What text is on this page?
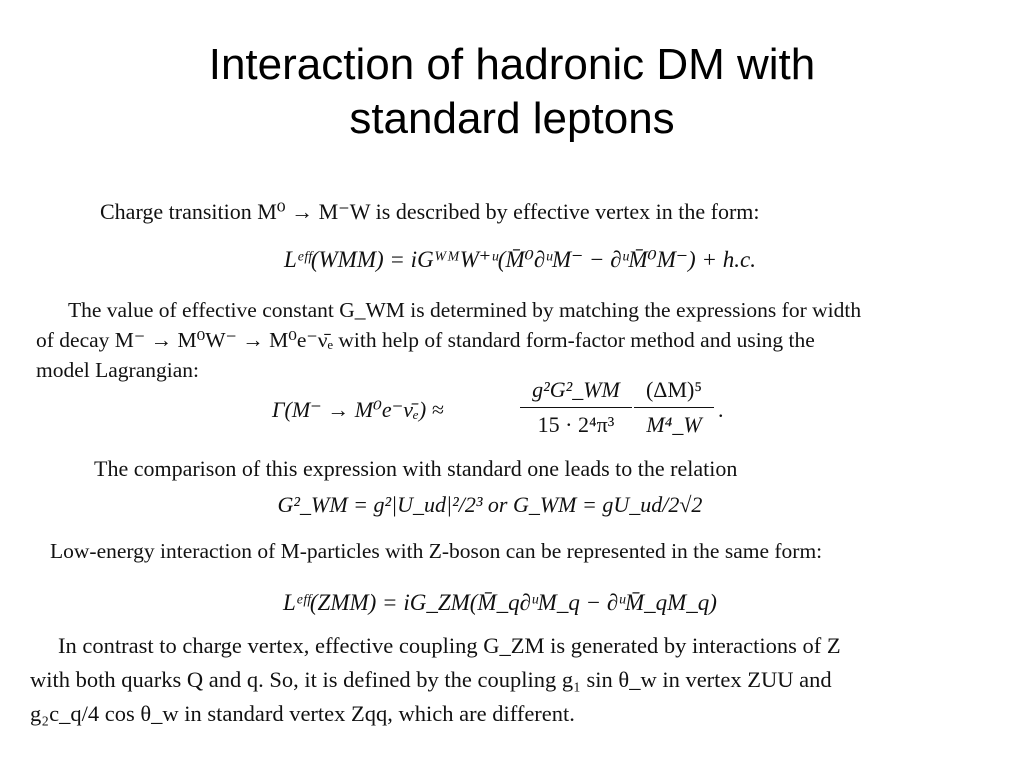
Interaction of hadronic DM with
standard leptons
Charge transition M⁰ → M⁻W is described by effective vertex in the form:
Lᵉᶠᶠ(WMM) = iGᵂᴹW⁺ᵘ(M̄⁰∂ᵘM⁻ − ∂ᵘM̄⁰M⁻) + h.c.
The value of effective constant G_WM is determined by matching the expressions for width
of decay M⁻ → M⁰W⁻ → M⁰e⁻ν̄ₑ with help of standard form-factor method and using the
model Lagrangian:
Γ(M⁻ → M⁰e⁻ν̄ₑ) ≈
g²G²_WM
15 · 2⁴π³
(ΔM)⁵
M⁴_W
.
The comparison of this expression with standard one leads to the relation
G²_WM = g²|U_ud|²/2³ or G_WM = gU_ud/2√2
Low-energy interaction of M-particles with Z-boson can be represented in the same form:
Lᵉᶠᶠ(ZMM) = iG_ZM(M̄_q∂ᵘM_q − ∂ᵘM̄_qM_q)
In contrast to charge vertex, effective coupling G_ZM is generated by interactions of Z
with both quarks Q and q. So, it is defined by the coupling g₁ sin θ_w in vertex ZUU and
g₂c_q/4 cos θ_w in standard vertex Zqq, which are different.
